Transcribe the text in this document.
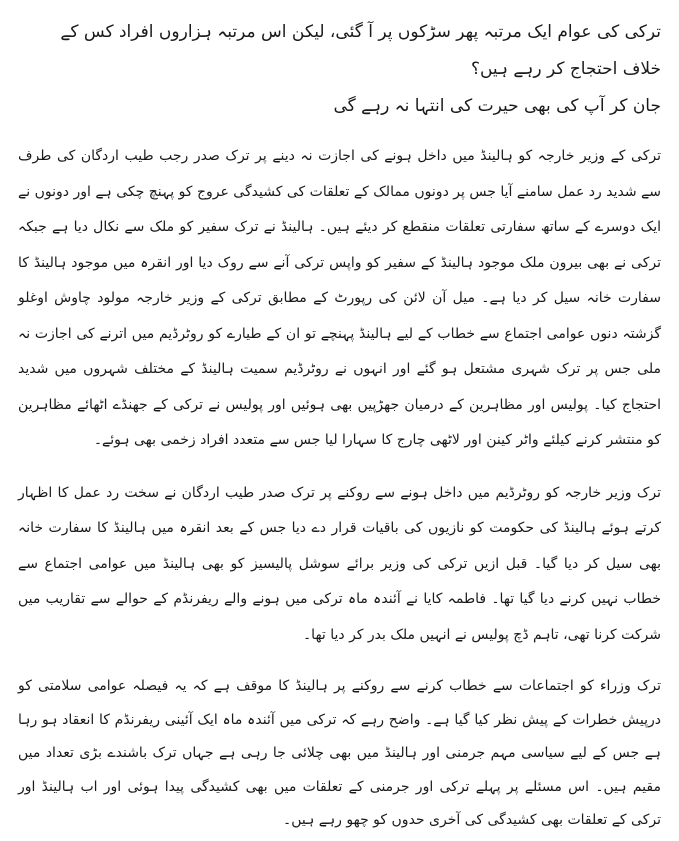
ترکی کی عوام ایک مرتبہ پھر سڑکوں پر آ گئی، لیکن اس مرتبہ ہزاروں افراد کس کے خلاف احتجاج کر رہے ہیں؟
جان کر آپ کی بھی حیرت کی انتہا نہ رہے گی

ترکی کے وزیر خارجہ کو ہالینڈ میں داخل ہونے کی اجازت نہ دینے پر ترک صدر رجب طیب اردگان کی طرف سے شدید رد عمل سامنے آیا جس پر دونوں ممالک کے تعلقات کی کشیدگی عروج کو پہنچ چکی ہے اور دونوں نے ایک دوسرے کے ساتھ سفارتی تعلقات منقطع کر دیئے ہیں۔ ہالینڈ نے ترک سفیر کو ملک سے نکال دیا ہے جبکہ ترکی نے بھی بیرون ملک موجود ہالینڈ کے سفیر کو واپس ترکی آنے سے روک دیا اور انقرہ میں موجود ہالینڈ کا سفارت خانہ سیل کر دیا ہے۔ میل آن لائن کی رپورٹ کے مطابق ترکی کے وزیر خارجہ مولود چاوش اوغلو گزشتہ دنوں عوامی اجتماع سے خطاب کے لیے ہالینڈ پہنچے تو ان کے طیارے کو روٹرڈیم میں اترنے کی اجازت نہ ملی جس پر ترک شہری مشتعل ہو گئے اور انہوں نے روٹرڈیم سمیت ہالینڈ کے مختلف شہروں میں شدید احتجاج کیا۔ پولیس اور مظاہرین کے درمیان جھڑپیں بھی ہوئیں اور پولیس نے ترکی کے جھنڈے اٹھائے مظاہرین کو منتشر کرنے کیلئے واٹر کینن اور لاٹھی چارج کا سہارا لیا جس سے متعدد افراد زخمی بھی ہوئے۔

ترک وزیر خارجہ کو روٹرڈیم میں داخل ہونے سے روکنے پر ترک صدر طیب اردگان نے سخت رد عمل کا اظہار کرتے ہوئے ہالینڈ کی حکومت کو نازیوں کی باقیات قرار دے دیا جس کے بعد انقرہ میں ہالینڈ کا سفارت خانہ بھی سیل کر دیا گیا۔ قبل ازیں ترکی کی وزیر برائے سوشل پالیسیز کو بھی ہالینڈ میں عوامی اجتماع سے خطاب نہیں کرنے دیا گیا تھا۔ فاطمہ کایا نے آئندہ ماہ ترکی میں ہونے والے ریفرنڈم کے حوالے سے تقاریب میں شرکت کرنا تھی، تاہم ڈچ پولیس نے انہیں ملک بدر کر دیا تھا۔

ترک وزراء کو اجتماعات سے خطاب کرنے سے روکنے پر ہالینڈ کا موقف ہے کہ یہ فیصلہ عوامی سلامتی کو درپیش خطرات کے پیش نظر کیا گیا ہے۔ واضح رہے کہ ترکی میں آئندہ ماہ ایک آئینی ریفرنڈم کا انعقاد ہو رہا ہے جس کے لیے سیاسی مہم جرمنی اور ہالینڈ میں بھی چلائی جا رہی ہے جہاں ترک باشندے بڑی تعداد میں مقیم ہیں۔ اس مسئلے پر پہلے ترکی اور جرمنی کے تعلقات میں بھی کشیدگی پیدا ہوئی اور اب ہالینڈ اور ترکی کے تعلقات بھی کشیدگی کی آخری حدوں کو چھو رہے ہیں۔
